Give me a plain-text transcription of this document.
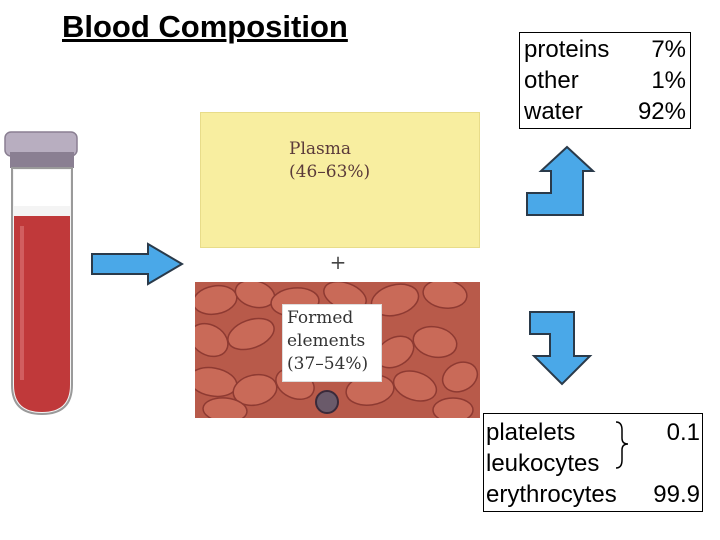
Blood Composition
proteins 7%
other	1%
water 92%
Plasma
(46–63%)
+
Formed
elements
(37–54%)
platelets	0.1
leukocytes
erythrocytes 99.9
